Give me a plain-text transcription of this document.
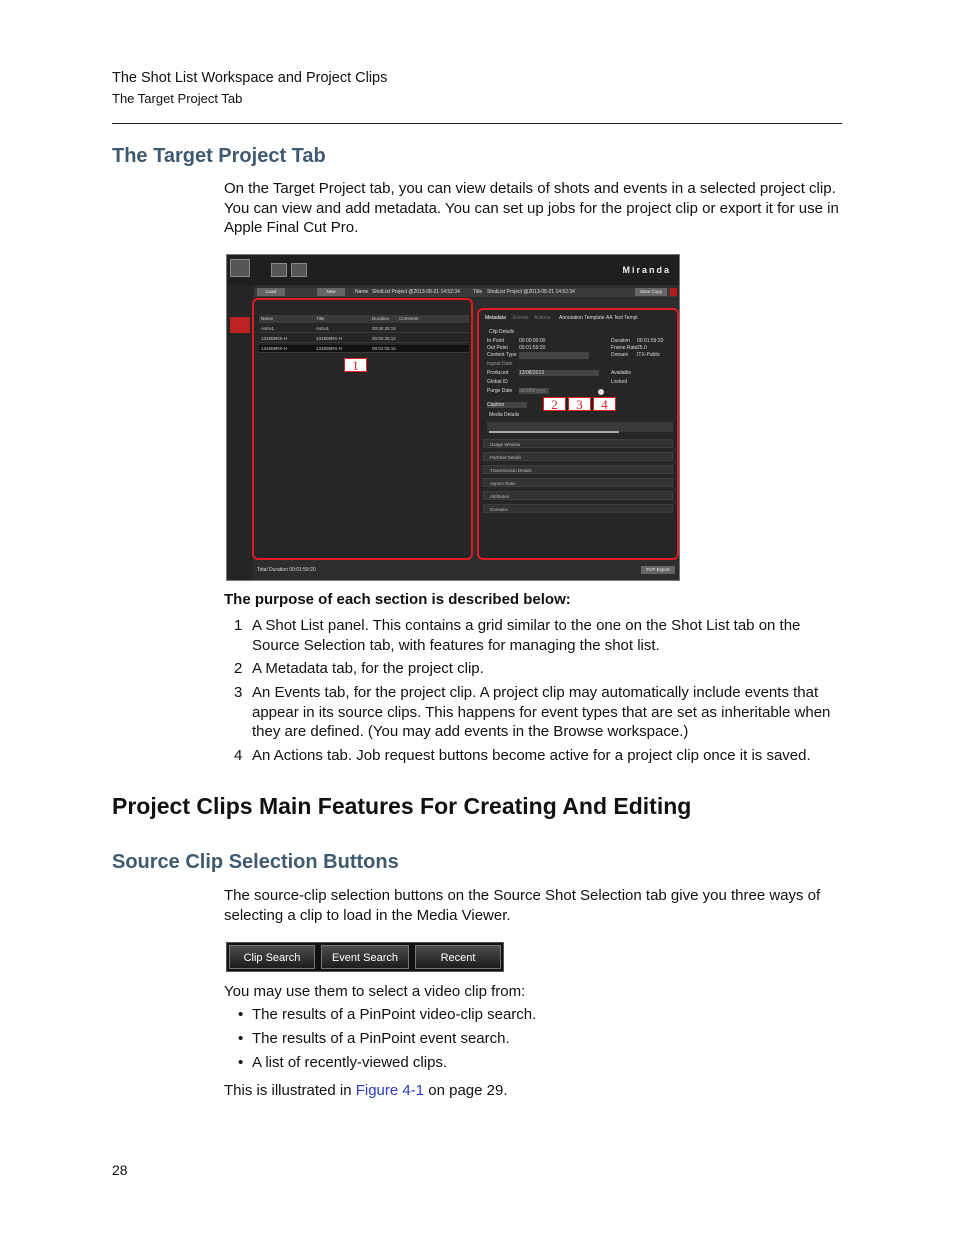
The Shot List Workspace and Project Clips
The Target Project Tab
The Target Project Tab
On the Target Project tab, you can view details of shots and events in a selected project clip. You can view and add metadata. You can set up jobs for the project clip or export it for use in Apple Final Cut Pro.
Miranda
Load	New	Name ShotList Project @2013-08-21 14:52:34	Title ShotList Project @2013-08-21 14:52:34	Save Copy
Name	Title	Duration Comment
Astro1	Astro1	00:00:25:15
131806RX-H	131806RX-H	00:00:25:12
131806RX-H	131806RX-H	00:01:05:16
Metadata Events Actions Annotation Template AA Test Templ
Clip Details
In Point	00:00:00:00
Out Point 00:01:59:20
Content Type
Duration 00:01:59:20
Frame Rate 25.0
Domain ITX-Public
Ingest Date
Produced 13/08/2013
Global ID
Purge Date dd/MM/yyyy
Available
Locked
Caption
Media Details
Usage Window
Part/Set Details
Transmission Details
Aspect Ratio
Attributes
Domains
Total Duration 00:01:59:20	FCP Export
1
2	3	4
The purpose of each section is described below:
1 A Shot List panel. This contains a grid similar to the one on the Shot List tab on the Source Selection tab, with features for managing the shot list.
2 A Metadata tab, for the project clip.
3 An Events tab, for the project clip. A project clip may automatically include events that appear in its source clips. This happens for event types that are set as inheritable when they are defined. (You may add events in the Browse workspace.)
4 An Actions tab. Job request buttons become active for a project clip once it is saved.
Project Clips Main Features For Creating And Editing
Source Clip Selection Buttons
The source-clip selection buttons on the Source Shot Selection tab give you three ways of selecting a clip to load in the Media Viewer.
Clip Search	Event Search	Recent
You may use them to select a video clip from:
• The results of a PinPoint video-clip search.
• The results of a PinPoint event search.
• A list of recently-viewed clips.
This is illustrated in Figure 4-1 on page 29.
28
